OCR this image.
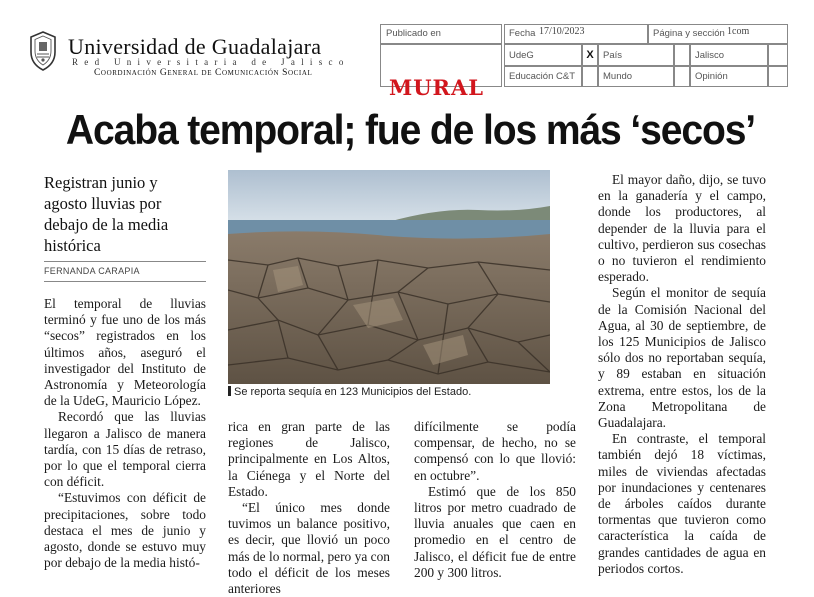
Universidad de Guadalajara
Red Universitaria de Jalisco
Coordinación General de Comunicación Social
Publicado en
MURAL
Fecha 17/10/2023	Página y sección 1com
UdeG	X País	Jalisco
Educación C&T	Mundo	Opinión
Acaba temporal; fue de los más ‘secos’
Registran junio y agosto lluvias por debajo de la media histórica
FERNANDA CARAPIA

El temporal de lluvias terminó y fue uno de los más “secos” registrados en los últimos años, aseguró el investigador del Instituto de Astronomía y Meteorología de la UdeG, Mauricio López.

Recordó que las lluvias llegaron a Jalisco de manera tardía, con 15 días de retraso, por lo que el temporal cierra con déficit.

“Estuvimos con déficit de precipitaciones, sobre todo destaca el mes de junio y agosto, donde se estuvo muy por debajo de la media histó-

Se reporta sequía en 123 Municipios del Estado.

rica en gran parte de las regiones de Jalisco, principalmente en Los Altos, la Ciénega y el Norte del Estado.

“El único mes donde tuvimos un balance positivo, es decir, que llovió un poco más de lo normal, pero ya con todo el déficit de los meses anteriores

difícilmente se podía compensar, de hecho, no se compensó con lo que llovió: en octubre”.

Estimó que de los 850 litros por metro cuadrado de lluvia anuales que caen en promedio en el centro de Jalisco, el déficit fue de entre 200 y 300 litros.

El mayor daño, dijo, se tuvo en la ganadería y el campo, donde los productores, al depender de la lluvia para el cultivo, perdieron sus cosechas o no tuvieron el rendimiento esperado.

Según el monitor de sequía de la Comisión Nacional del Agua, al 30 de septiembre, de los 125 Municipios de Jalisco sólo dos no reportaban sequía, y 89 estaban en situación extrema, entre estos, los de la Zona Metropolitana de Guadalajara.

En contraste, el temporal también dejó 18 víctimas, miles de viviendas afectadas por inundaciones y centenares de árboles caídos durante tormentas que tuvieron como característica la caída de grandes cantidades de agua en periodos cortos.
